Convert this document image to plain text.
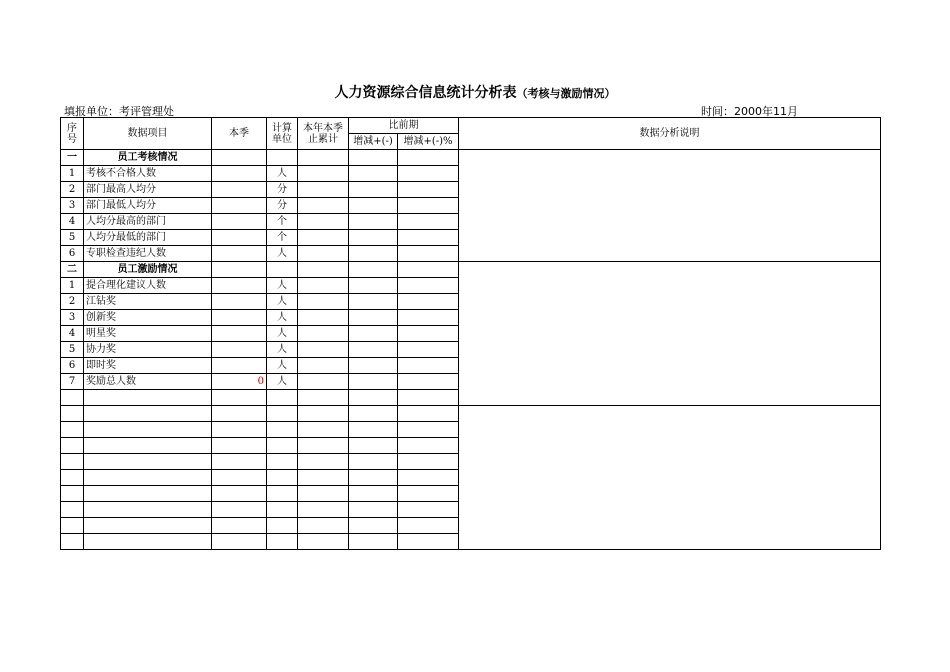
人力资源综合信息统计分析表（考核与激励情况）
填报单位：考评管理处	时间：2000年11月
序号	数据项目	本季	计算单位	本年本季止累计	比前期		数据分析说明
					增减+(-)	增减+(-)%	
一	员工考核情况						
1	考核不合格人数		人				
2	部门最高人均分		分				
3	部门最低人均分		分				
4	人均分最高的部门		个				
5	人均分最低的部门		个				
6	专职检查违纪人数		人				
二	员工激励情况						
1	提合理化建议人数		人				
2	江钻奖		人				
3	创新奖		人				
4	明星奖		人				
5	协力奖		人				
6	即时奖		人				
7	奖励总人数	0	人				
